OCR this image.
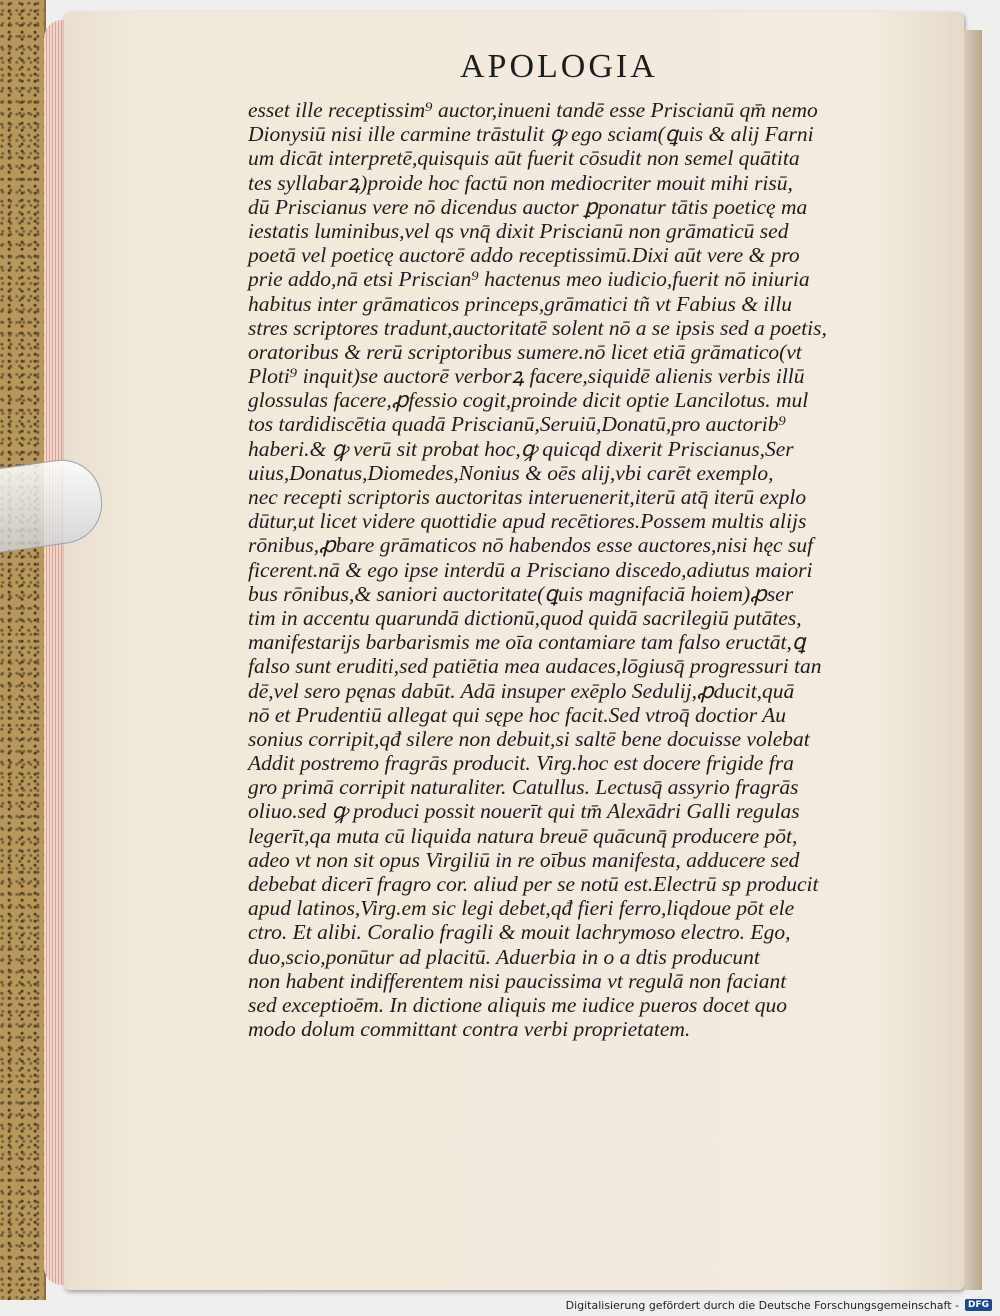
APOLOGIA
esset ille receptissim⁹ auctor,inueni tandē esse Priscianū qm̄ nemo
Dionysiū nisi ille carmine trāstulit ꝙ ego sciam(ꝗuis & alij Farni
um dicāt interpretē,quisquis aūt fuerit cōsudit non semel quātita
tes syllabarꝝ)proide hoc factū non mediocriter mouit mihi risū,
dū Priscianus vere nō dicendus auctor ꝑponatur tātis poeticę ma
iestatis luminibus,vel qs vnq̄ dixit Priscianū non grāmaticū sed
poetā vel poeticę auctorē addo receptissimū.Dixi aūt vere & pro
prie addo,nā etsi Priscian⁹ hactenus meo iudicio,fuerit nō iniuria
habitus inter grāmaticos princeps,grāmatici tñ vt Fabius & illu
stres scriptores tradunt,auctoritatē solent nō a se ipsis sed a poetis,
oratoribus & rerū scriptoribus sumere.nō licet etiā grāmatico(vt
Ploti⁹ inquit)se auctorē verborꝝ facere,siquidē alienis verbis illū
glossulas facere,ꝓfessio cogit,proinde dicit optie Lancilotus. mul
tos tardidiscētia quadā Priscianū,Seruiū,Donatū,pro auctorib⁹
haberi.& ꝙ verū sit probat hoc,ꝙ quicqd dixerit Priscianus,Ser
uius,Donatus,Diomedes,Nonius & oēs alij,vbi carēt exemplo,
nec recepti scriptoris auctoritas interuenerit,iterū atq̄ iterū explo
dūtur,ut licet videre quottidie apud recētiores.Possem multis alijs
rōnibus,ꝓbare grāmaticos nō habendos esse auctores,nisi hęc suf
ficerent.nā & ego ipse interdū a Prisciano discedo,adiutus maiori
bus rōnibus,& saniori auctoritate(ꝗuis magnifaciā hoiem)ꝓser
tim in accentu quarundā dictionū,quod quidā sacrilegiū putātes,
manifestarijs barbarismis me oīa contamiare tam falso eructāt,ꝗ
falso sunt eruditi,sed patiētia mea audaces,lōgiusq̄ progressuri tan
dē,vel sero pęnas dabūt. Adā insuper exēplo Sedulij,ꝓducit,quā
nō et Prudentiū allegat qui sępe hoc facit.Sed vtroq̄ doctior Au
sonius corripit,qđ silere non debuit,si saltē bene docuisse volebat
Addit postremo fragrās producit. Virg.hoc est docere frigide fra
gro primā corripit naturaliter. Catullus. Lectusq̄ assyrio fragrās
oliuo.sed ꝙ produci possit nouerīt qui tm̄ Alexādri Galli regulas
legerīt,qa muta cū liquida natura breuē quācunq̄ producere pōt,
adeo vt non sit opus Virgiliū in re oībus manifesta, adducere sed
debebat dicerī fragro cor. aliud per se notū est.Electrū sp producit
apud latinos,Virg.em sic legi debet,qđ fieri ferro,liqdoue pōt ele
ctro. Et alibi. Coralio fragili & mouit lachrymoso electro. Ego,
duo,scio,ponūtur ad placitū. Aduerbia in o a dtis producunt
non habent indifferentem nisi paucissima vt regulā non faciant
sed exceptioēm. In dictione aliquis me iudice pueros docet quo
modo dolum committant contra verbi proprietatem.
Digitalisierung gefördert durch die Deutsche Forschungsgemeinschaft -	DFG
